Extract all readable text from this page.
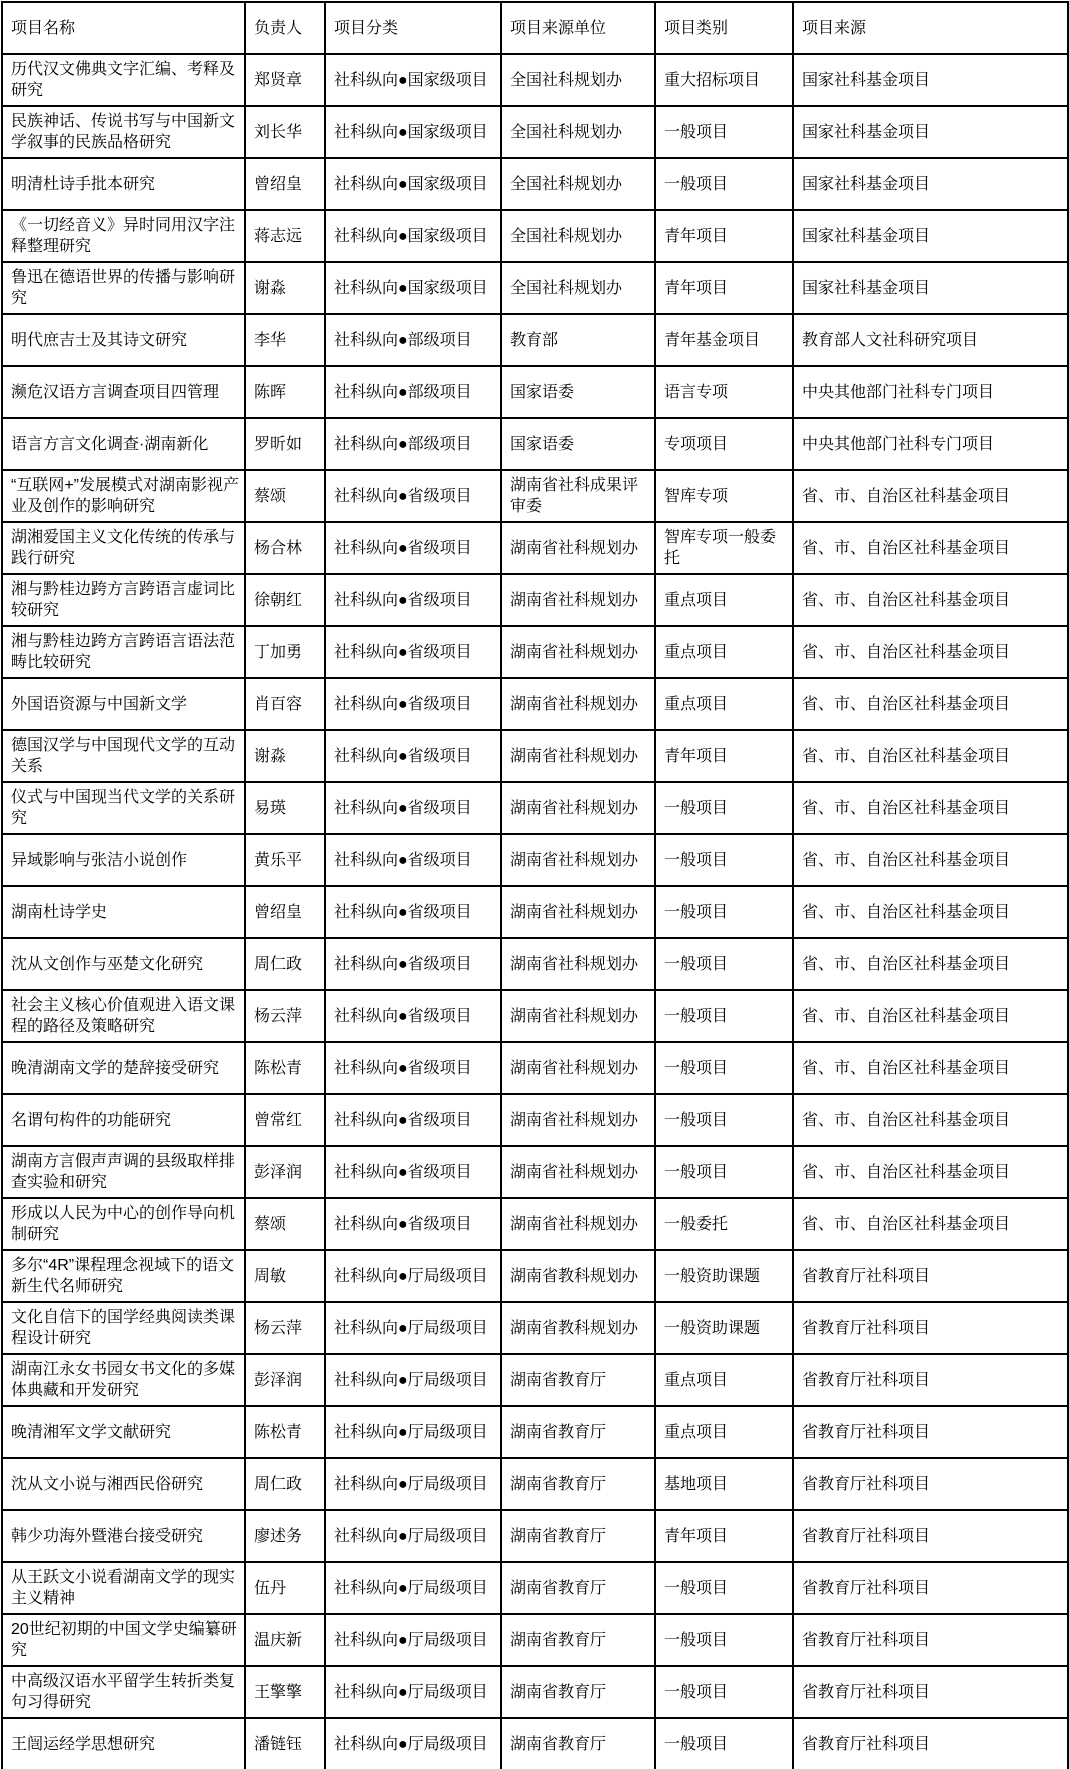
项目名称	负责人	项目分类	项目来源单位	项目类别	项目来源
历代汉文佛典文字汇编、考释及研究	郑贤章	社科纵向●国家级项目	全国社科规划办	重大招标项目	国家社科基金项目
民族神话、传说书写与中国新文学叙事的民族品格研究	刘长华	社科纵向●国家级项目	全国社科规划办	一般项目	国家社科基金项目
明清杜诗手批本研究	曾绍皇	社科纵向●国家级项目	全国社科规划办	一般项目	国家社科基金项目
《一切经音义》异时同用汉字注释整理研究	蒋志远	社科纵向●国家级项目	全国社科规划办	青年项目	国家社科基金项目
鲁迅在德语世界的传播与影响研究	谢淼	社科纵向●国家级项目	全国社科规划办	青年项目	国家社科基金项目
明代庶吉士及其诗文研究	李华	社科纵向●部级项目	教育部	青年基金项目	教育部人文社科研究项目
濒危汉语方言调查项目四管理	陈晖	社科纵向●部级项目	国家语委	语言专项	中央其他部门社科专门项目
语言方言文化调查·湖南新化	罗昕如	社科纵向●部级项目	国家语委	专项项目	中央其他部门社科专门项目
“互联网+”发展模式对湖南影视产业及创作的影响研究	蔡颂	社科纵向●省级项目	湖南省社科成果评审委	智库专项	省、市、自治区社科基金项目
湖湘爱国主义文化传统的传承与践行研究	杨合林	社科纵向●省级项目	湖南省社科规划办	智库专项一般委托	省、市、自治区社科基金项目
湘与黔桂边跨方言跨语言虚词比较研究	徐朝红	社科纵向●省级项目	湖南省社科规划办	重点项目	省、市、自治区社科基金项目
湘与黔桂边跨方言跨语言语法范畴比较研究	丁加勇	社科纵向●省级项目	湖南省社科规划办	重点项目	省、市、自治区社科基金项目
外国语资源与中国新文学	肖百容	社科纵向●省级项目	湖南省社科规划办	重点项目	省、市、自治区社科基金项目
德国汉学与中国现代文学的互动关系	谢淼	社科纵向●省级项目	湖南省社科规划办	青年项目	省、市、自治区社科基金项目
仪式与中国现当代文学的关系研究	易瑛	社科纵向●省级项目	湖南省社科规划办	一般项目	省、市、自治区社科基金项目
异域影响与张洁小说创作	黄乐平	社科纵向●省级项目	湖南省社科规划办	一般项目	省、市、自治区社科基金项目
湖南杜诗学史	曾绍皇	社科纵向●省级项目	湖南省社科规划办	一般项目	省、市、自治区社科基金项目
沈从文创作与巫楚文化研究	周仁政	社科纵向●省级项目	湖南省社科规划办	一般项目	省、市、自治区社科基金项目
社会主义核心价值观进入语文课程的路径及策略研究	杨云萍	社科纵向●省级项目	湖南省社科规划办	一般项目	省、市、自治区社科基金项目
晚清湖南文学的楚辞接受研究	陈松青	社科纵向●省级项目	湖南省社科规划办	一般项目	省、市、自治区社科基金项目
名谓句构件的功能研究	曾常红	社科纵向●省级项目	湖南省社科规划办	一般项目	省、市、自治区社科基金项目
湖南方言假声声调的县级取样排查实验和研究	彭泽润	社科纵向●省级项目	湖南省社科规划办	一般项目	省、市、自治区社科基金项目
形成以人民为中心的创作导向机制研究	蔡颂	社科纵向●省级项目	湖南省社科规划办	一般委托	省、市、自治区社科基金项目
多尔“4R”课程理念视域下的语文新生代名师研究	周敏	社科纵向●厅局级项目	湖南省教科规划办	一般资助课题	省教育厅社科项目
文化自信下的国学经典阅读类课程设计研究	杨云萍	社科纵向●厅局级项目	湖南省教科规划办	一般资助课题	省教育厅社科项目
湖南江永女书园女书文化的多媒体典藏和开发研究	彭泽润	社科纵向●厅局级项目	湖南省教育厅	重点项目	省教育厅社科项目
晚清湘军文学文献研究	陈松青	社科纵向●厅局级项目	湖南省教育厅	重点项目	省教育厅社科项目
沈从文小说与湘西民俗研究	周仁政	社科纵向●厅局级项目	湖南省教育厅	基地项目	省教育厅社科项目
韩少功海外暨港台接受研究	廖述务	社科纵向●厅局级项目	湖南省教育厅	青年项目	省教育厅社科项目
从王跃文小说看湖南文学的现实主义精神	伍丹	社科纵向●厅局级项目	湖南省教育厅	一般项目	省教育厅社科项目
20世纪初期的中国文学史编纂研究	温庆新	社科纵向●厅局级项目	湖南省教育厅	一般项目	省教育厅社科项目
中高级汉语水平留学生转折类复句习得研究	王擎擎	社科纵向●厅局级项目	湖南省教育厅	一般项目	省教育厅社科项目
王闿运经学思想研究	潘链钰	社科纵向●厅局级项目	湖南省教育厅	一般项目	省教育厅社科项目
